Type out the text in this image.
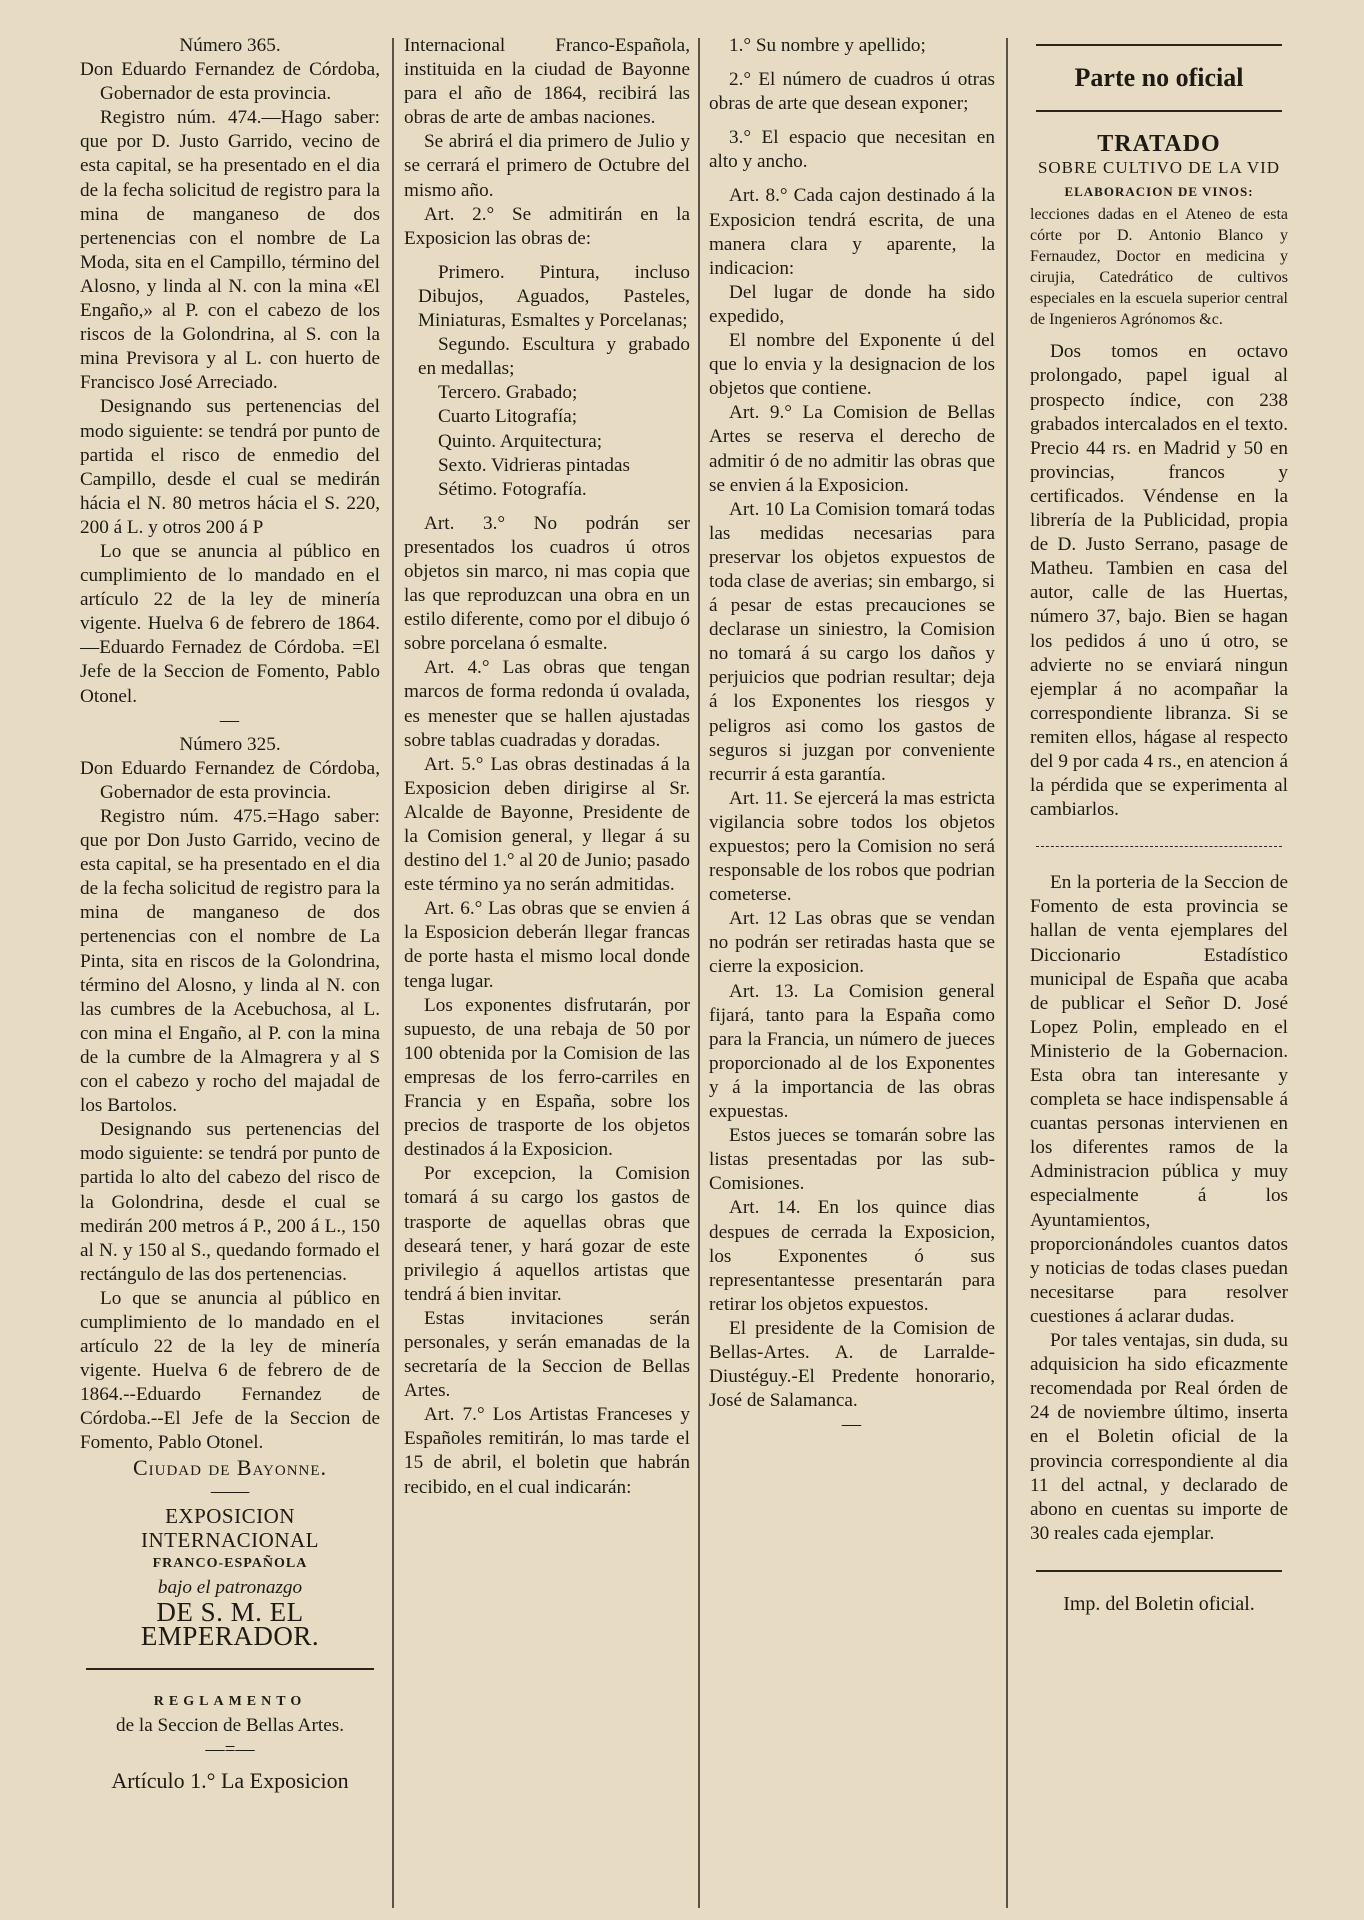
Número 365.

Don Eduardo Fernandez de Córdoba, Gobernador de esta provincia.

Registro núm. 474.—Hago saber: que por D. Justo Garrido, vecino de esta capital, se ha presentado en el dia de la fecha solicitud de registro para la mina de manganeso de dos pertenencias con el nombre de La Moda, sita en el Campillo, término del Alosno, y linda al N. con la mina «El Engaño,» al P. con el cabezo de los riscos de la Golondrina, al S. con la mina Previsora y al L. con huerto de Francisco José Arreciado.

Designando sus pertenencias del modo siguiente: se tendrá por punto de partida el risco de enmedio del Campillo, desde el cual se medirán hácia el N. 80 metros hácia el S. 220, 200 á L. y otros 200 á P

Lo que se anuncia al público en cumplimiento de lo mandado en el artículo 22 de la ley de minería vigente. Huelva 6 de febrero de 1864.—Eduardo Fernadez de Córdoba. =El Jefe de la Seccion de Fomento, Pablo Otonel.

—

Número 325.

Don Eduardo Fernandez de Córdoba, Gobernador de esta provincia.

Registro núm. 475.=Hago saber: que por Don Justo Garrido, vecino de esta capital, se ha presentado en el dia de la fecha solicitud de registro para la mina de manganeso de dos pertenencias con el nombre de La Pinta, sita en riscos de la Golondrina, término del Alosno, y linda al N. con las cumbres de la Acebuchosa, al L. con mina el Engaño, al P. con la mina de la cumbre de la Almagrera y al S con el cabezo y rocho del majadal de los Bartolos.

Designando sus pertenencias del modo siguiente: se tendrá por punto de partida lo alto del cabezo del risco de la Golondrina, desde el cual se medirán 200 metros á P., 200 á L., 150 al N. y 150 al S., quedando formado el rectángulo de las dos pertenencias.

Lo que se anuncia al público en cumplimiento de lo mandado en el artículo 22 de la ley de minería vigente. Huelva 6 de febrero de de 1864.--Eduardo Fernandez de Córdoba.--El Jefe de la Seccion de Fomento, Pablo Otonel.

Ciudad de Bayonne.

——

EXPOSICION INTERNACIONAL

FRANCO-ESPAÑOLA

bajo el patronazgo

DE S. M. EL EMPERADOR.

REGLAMENTO

de la Seccion de Bellas Artes.

—=—

Artículo 1.° La Exposicion

Internacional Franco-Española, instituida en la ciudad de Bayonne para el año de 1864, recibirá las obras de arte de ambas naciones.

Se abrirá el dia primero de Julio y se cerrará el primero de Octubre del mismo año.

Art. 2.° Se admitirán en la Exposicion las obras de:

Primero. Pintura, incluso Dibujos, Aguados, Pasteles, Miniaturas, Esmaltes y Porcelanas;

Segundo. Escultura y grabado en medallas;

Tercero. Grabado;

Cuarto Litografía;

Quinto. Arquitectura;

Sexto. Vidrieras pintadas

Sétimo. Fotografía.

Art. 3.° No podrán ser presentados los cuadros ú otros objetos sin marco, ni mas copia que las que reproduzcan una obra en un estilo diferente, como por el dibujo ó sobre porcelana ó esmalte.

Art. 4.° Las obras que tengan marcos de forma redonda ú ovalada, es menester que se hallen ajustadas sobre tablas cuadradas y doradas.

Art. 5.° Las obras destinadas á la Exposicion deben dirigirse al Sr. Alcalde de Bayonne, Presidente de la Comision general, y llegar á su destino del 1.° al 20 de Junio; pasado este término ya no serán admitidas.

Art. 6.° Las obras que se envien á la Esposicion deberán llegar francas de porte hasta el mismo local donde tenga lugar.

Los exponentes disfrutarán, por supuesto, de una rebaja de 50 por 100 obtenida por la Comision de las empresas de los ferro-carriles en Francia y en España, sobre los precios de trasporte de los objetos destinados á la Exposicion.

Por excepcion, la Comision tomará á su cargo los gastos de trasporte de aquellas obras que deseará tener, y hará gozar de este privilegio á aquellos artistas que tendrá á bien invitar.

Estas invitaciones serán personales, y serán emanadas de la secretaría de la Seccion de Bellas Artes.

Art. 7.° Los Artistas Franceses y Españoles remitirán, lo mas tarde el 15 de abril, el boletin que habrán recibido, en el cual indicarán:

1.° Su nombre y apellido;

2.° El número de cuadros ú otras obras de arte que desean exponer;

3.° El espacio que necesitan en alto y ancho.

Art. 8.° Cada cajon destinado á la Exposicion tendrá escrita, de una manera clara y aparente, la indicacion:

Del lugar de donde ha sido expedido,

El nombre del Exponente ú del que lo envia y la designacion de los objetos que contiene.

Art. 9.° La Comision de Bellas Artes se reserva el derecho de admitir ó de no admitir las obras que se envien á la Exposicion.

Art. 10 La Comision tomará todas las medidas necesarias para preservar los objetos expuestos de toda clase de averias; sin embargo, si á pesar de estas precauciones se declarase un siniestro, la Comision no tomará á su cargo los daños y perjuicios que podrian resultar; deja á los Exponentes los riesgos y peligros asi como los gastos de seguros si juzgan por conveniente recurrir á esta garantía.

Art. 11. Se ejercerá la mas estricta vigilancia sobre todos los objetos expuestos; pero la Comision no será responsable de los robos que podrian cometerse.

Art. 12 Las obras que se vendan no podrán ser retiradas hasta que se cierre la exposicion.

Art. 13. La Comision general fijará, tanto para la España como para la Francia, un número de jueces proporcionado al de los Exponentes y á la importancia de las obras expuestas.

Estos jueces se tomarán sobre las listas presentadas por las sub-Comisiones.

Art. 14. En los quince dias despues de cerrada la Exposicion, los Exponentes ó sus representantesse presentarán para retirar los objetos expuestos.

El presidente de la Comision de Bellas-Artes. A. de Larralde-Diustéguy.-El Predente honorario, José de Salamanca.

—

Parte no oficial

TRATADO

SOBRE CULTIVO DE LA VID

ELABORACION DE VINOS:

lecciones dadas en el Ateneo de esta córte por D. Antonio Blanco y Fernaudez, Doctor en medicina y cirujia, Catedrático de cultivos especiales en la escuela superior central de Ingenieros Agrónomos &c.

Dos tomos en octavo prolongado, papel igual al prospecto índice, con 238 grabados intercalados en el texto. Precio 44 rs. en Madrid y 50 en provincias, francos y certificados. Véndense en la librería de la Publicidad, propia de D. Justo Serrano, pasage de Matheu. Tambien en casa del autor, calle de las Huertas, número 37, bajo. Bien se hagan los pedidos á uno ú otro, se advierte no se enviará ningun ejemplar á no acompañar la correspondiente libranza. Si se remiten ellos, hágase al respecto del 9 por cada 4 rs., en atencion á la pérdida que se experimenta al cambiarlos.

En la porteria de la Seccion de Fomento de esta provincia se hallan de venta ejemplares del Diccionario Estadístico municipal de España que acaba de publicar el Señor D. José Lopez Polin, empleado en el Ministerio de la Gobernacion. Esta obra tan interesante y completa se hace indispensable á cuantas personas intervienen en los diferentes ramos de la Administracion pública y muy especialmente á los Ayuntamientos, proporcionándoles cuantos datos y noticias de todas clases puedan necesitarse para resolver cuestiones á aclarar dudas.

Por tales ventajas, sin duda, su adquisicion ha sido eficazmente recomendada por Real órden de 24 de noviembre último, inserta en el Boletin oficial de la provincia correspondiente al dia 11 del actnal, y declarado de abono en cuentas su importe de 30 reales cada ejemplar.

Imp. del Boletin oficial.
